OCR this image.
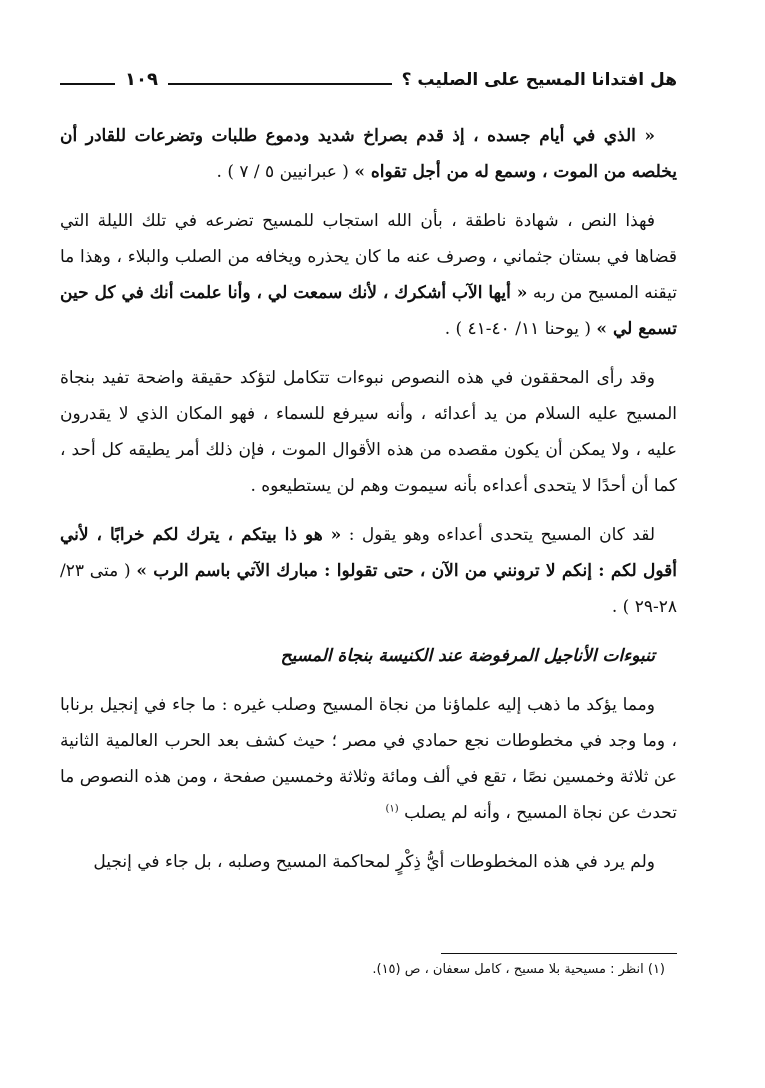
هل افتدانا المسيح على الصليب ؟
١٠٩

« الذي في أيام جسده ، إذ قدم بصراخ شديد ودموع طلبات وتضرعات للقادر أن يخلصه من الموت ، وسمع له من أجل تقواه » ( عبرانيين ٥ / ٧ ) .

فهذا النص ، شهادة ناطقة ، بأن الله استجاب للمسيح تضرعه في تلك الليلة التي قضاها في بستان جثماني ، وصرف عنه ما كان يحذره ويخافه من الصلب والبلاء ، وهذا ما تيقنه المسيح من ربه « أيها الآب أشكرك ، لأنك سمعت لي ، وأنا علمت أنك في كل حين تسمع لي » ( يوحنا ١١/ ٤٠-٤١ ) .

وقد رأى المحققون في هذه النصوص نبوءات تتكامل لتؤكد حقيقة واضحة تفيد بنجاة المسيح عليه السلام من يد أعدائه ، وأنه سيرفع للسماء ، فهو المكان الذي لا يقدرون عليه ، ولا يمكن أن يكون مقصده من هذه الأقوال الموت ، فإن ذلك أمر يطيقه كل أحد ، كما أن أحدًا لا يتحدى أعداءه بأنه سيموت وهم لن يستطيعوه .

لقد كان المسيح يتحدى أعداءه وهو يقول : « هو ذا بيتكم ، يترك لكم خرابًا ، لأني أقول لكم : إنكم لا ترونني من الآن ، حتى تقولوا : مبارك الآتي باسم الرب » ( متى ٢٣/ ٢٨-٢٩ ) .

تنبوءات الأناجيل المرفوضة عند الكنيسة بنجاة المسيح

ومما يؤكد ما ذهب إليه علماؤنا من نجاة المسيح وصلب غيره : ما جاء في إنجيل برنابا ، وما وجد في مخطوطات نجع حمادي في مصر ؛ حيث كشف بعد الحرب العالمية الثانية عن ثلاثة وخمسين نصًا ، تقع في ألف ومائة وثلاثة وخمسين صفحة ، ومن هذه النصوص ما تحدث عن نجاة المسيح ، وأنه لم يصلب $^{(١)}$

ولم يرد في هذه المخطوطات أيُّ ذِكْرٍ لمحاكمة المسيح وصلبه ، بل جاء في إنجيل

(١) انظر : مسيحية بلا مسيح ، كامل سعفان ، ص (١٥).
